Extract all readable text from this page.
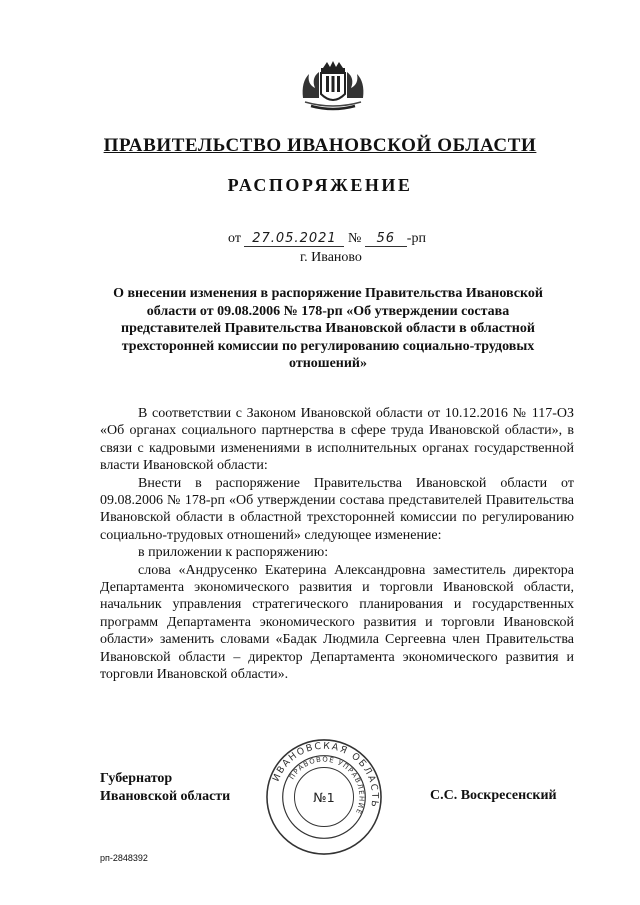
ПРАВИТЕЛЬСТВО ИВАНОВСКОЙ ОБЛАСТИ
РАСПОРЯЖЕНИЕ
от 27.05.2021 № 56 -рп
г. Иваново
О внесении изменения в распоряжение Правительства Ивановской области от 09.08.2006 № 178-рп «Об утверждении состава представителей Правительства Ивановской области в областной трехсторонней комиссии по регулированию социально-трудовых отношений»

В соответствии с Законом Ивановской области от 10.12.2016 № 117-ОЗ «Об органах социального партнерства в сфере труда Ивановской области», в связи с кадровыми изменениями в исполнительных органах государственной власти Ивановской области:

Внести в распоряжение Правительства Ивановской области от 09.08.2006 № 178-рп «Об утверждении состава представителей Правительства Ивановской области в областной трехсторонней комиссии по регулированию социально-трудовых отношений» следующее изменение:

в приложении к распоряжению:

слова «Андрусенко Екатерина Александровна заместитель директора Департамента экономического развития и торговли Ивановской области, начальник управления стратегического планирования и государственных программ Департамента экономического развития и торговли Ивановской области» заменить словами «Бадак Людмила Сергеевна член Правительства Ивановской области – директор Департамента экономического развития и торговли Ивановской области».

Губернатор
Ивановской области
ИВАНОВСКАЯ ОБЛАСТЬ
ПРАВОВОЕ УПРАВЛЕНИЕ
№1	С.С. Воскресенский
рп-2848392
